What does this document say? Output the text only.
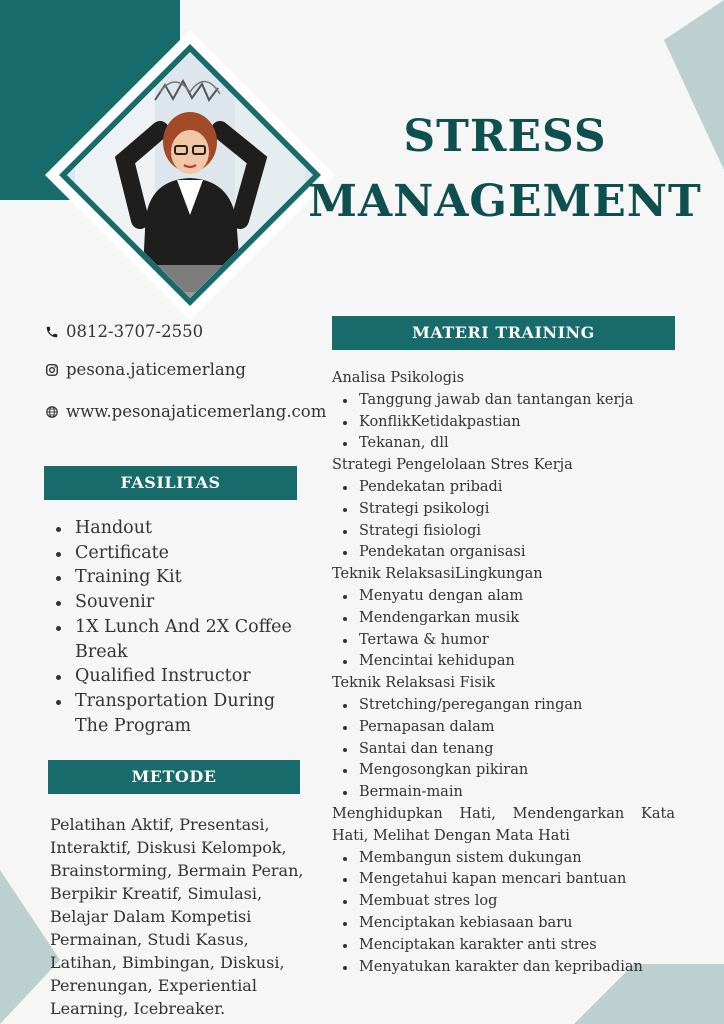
STRESS
MANAGEMENT
0812-3707-2550
pesona.jaticemerlang
www.pesonajaticemerlang.com
FASILITAS
Handout
Certificate
Training Kit
Souvenir
1X Lunch And 2X Coffee Break
Qualified Instructor
Transportation During The Program
METODE

Pelatihan Aktif, Presentasi, Interaktif, Diskusi Kelompok, Brainstorming, Bermain Peran, Berpikir Kreatif, Simulasi, Belajar Dalam Kompetisi Permainan, Studi Kasus, Latihan, Bimbingan, Diskusi, Perenungan, Experiential Learning, Icebreaker.

MATERI TRAINING
Analisa Psikologis
Tanggung jawab dan tantangan kerja
KonflikKetidakpastian
Tekanan, dll
Strategi Pengelolaan Stres Kerja
Pendekatan pribadi
Strategi psikologi
Strategi fisiologi
Pendekatan organisasi
Teknik RelaksasiLingkungan
Menyatu dengan alam
Mendengarkan musik
Tertawa & humor
Mencintai kehidupan
Teknik Relaksasi Fisik
Stretching/peregangan ringan
Pernapasan dalam
Santai dan tenang
Mengosongkan pikiran
Bermain-main
Menghidupkan Hati, Mendengarkan Kata Hati, Melihat Dengan Mata Hati
Membangun sistem dukungan
Mengetahui kapan mencari bantuan
Membuat stres log
Menciptakan kebiasaan baru
Menciptakan karakter anti stres
Menyatukan karakter dan kepribadian
